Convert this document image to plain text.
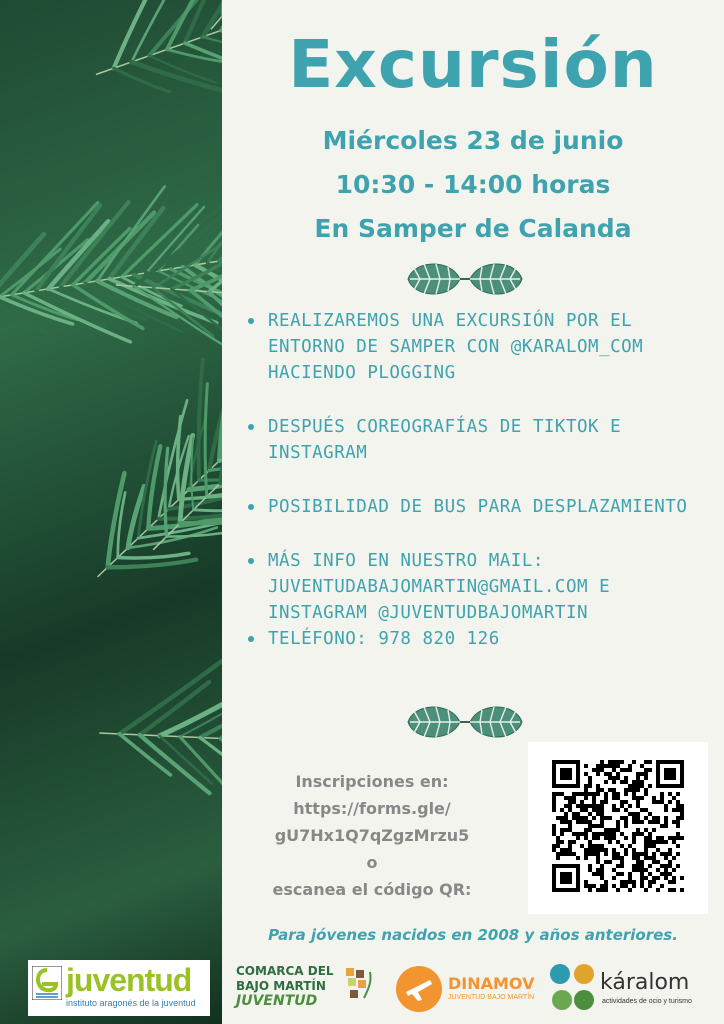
Excursión
Miércoles 23 de junio
10:30 - 14:00 horas
En Samper de Calanda
REALIZAREMOS UNA EXCURSIÓN POR EL ENTORNO DE SAMPER CON @KARALOM_COM HACIENDO PLOGGING
DESPUÉS COREOGRAFÍAS DE TIKTOK E INSTAGRAM
POSIBILIDAD DE BUS PARA DESPLAZAMIENTO
MÁS INFO EN NUESTRO MAIL: JUVENTUDABAJOMARTIN@GMAIL.COM E INSTAGRAM @JUVENTUDBAJOMARTIN
TELÉFONO: 978 820 126
Inscripciones en:
https://forms.gle/
gU7Hx1Q7qZgzMrzu5
o
escanea el código QR:
Para jóvenes nacidos en 2008 y años anteriores.
juventud
instituto aragonés de la juventud
COMARCA DEL
BAJO MARTÍN
JUVENTUD
DINAMOV
JUVENTUD BAJO MARTÍN
káralom
actividades de ocio y turismo
